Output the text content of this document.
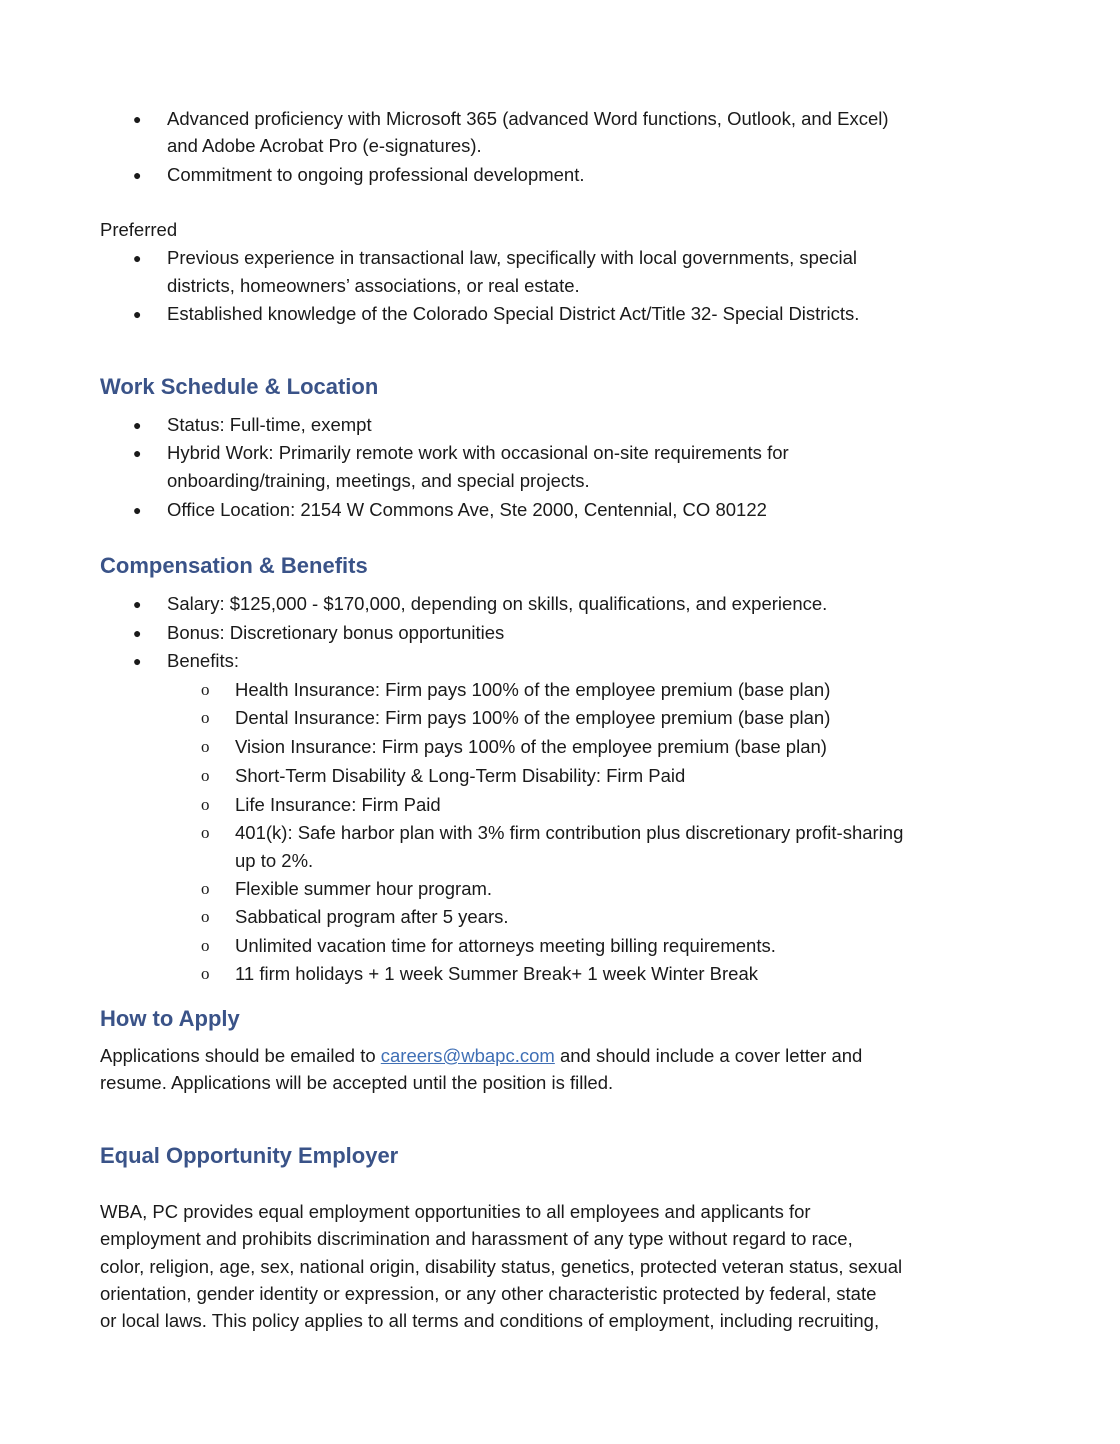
● Advanced proficiency with Microsoft 365 (advanced Word functions, Outlook, and Excel)
and Adobe Acrobat Pro (e-signatures).
● Commitment to ongoing professional development.
Preferred
● Previous experience in transactional law, specifically with local governments, special
districts, homeowners’ associations, or real estate.
● Established knowledge of the Colorado Special District Act/Title 32- Special Districts.
Work Schedule & Location
● Status: Full-time, exempt
● Hybrid Work: Primarily remote work with occasional on-site requirements for
onboarding/training, meetings, and special projects.
● Office Location: 2154 W Commons Ave, Ste 2000, Centennial, CO 80122
Compensation & Benefits
● Salary: $125,000 - $170,000, depending on skills, qualifications, and experience.
● Bonus: Discretionary bonus opportunities
● Benefits:
o Health Insurance: Firm pays 100% of the employee premium (base plan)
o Dental Insurance: Firm pays 100% of the employee premium (base plan)
o Vision Insurance: Firm pays 100% of the employee premium (base plan)
o Short-Term Disability & Long-Term Disability: Firm Paid
o Life Insurance: Firm Paid
o 401(k): Safe harbor plan with 3% firm contribution plus discretionary profit-sharing
up to 2%.
o Flexible summer hour program.
o Sabbatical program after 5 years.
o Unlimited vacation time for attorneys meeting billing requirements.
o 11 firm holidays + 1 week Summer Break+ 1 week Winter Break
How to Apply
Applications should be emailed to careers@wbapc.com and should include a cover letter and
resume. Applications will be accepted until the position is filled.
Equal Opportunity Employer
WBA, PC provides equal employment opportunities to all employees and applicants for
employment and prohibits discrimination and harassment of any type without regard to race,
color, religion, age, sex, national origin, disability status, genetics, protected veteran status, sexual
orientation, gender identity or expression, or any other characteristic protected by federal, state
or local laws. This policy applies to all terms and conditions of employment, including recruiting,
